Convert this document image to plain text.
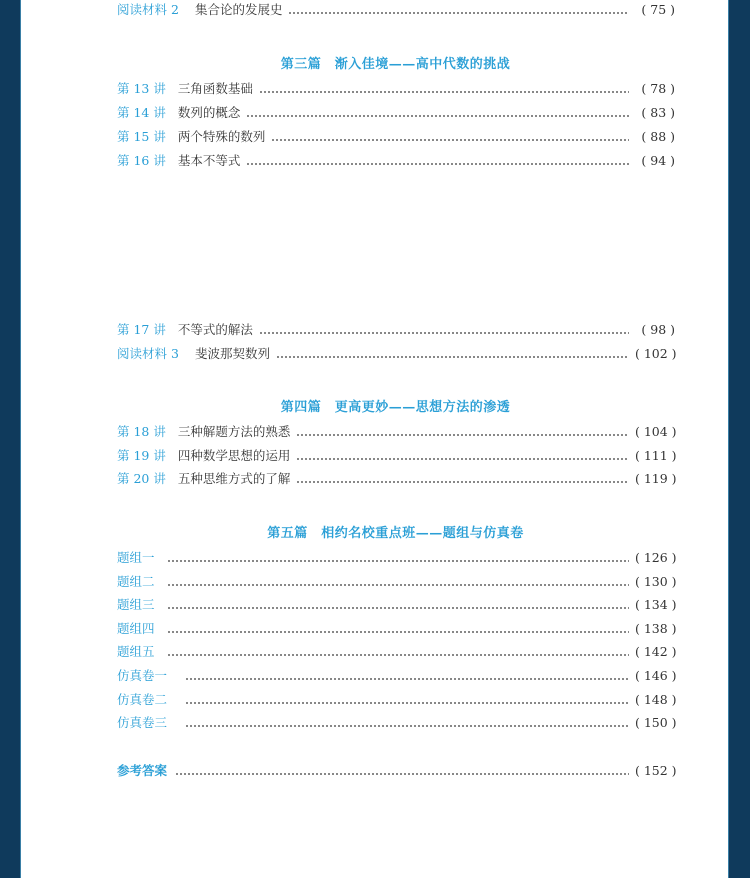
阅读材料 2 集合论的发展史	( 75 )
第三篇　渐入佳境——高中代数的挑战
第 13 讲 三角函数基础	( 78 )
第 14 讲 数列的概念	( 83 )
第 15 讲 两个特殊的数列	( 88 )
第 16 讲 基本不等式	( 94 )
第 17 讲 不等式的解法	( 98 )
阅读材料 3 斐波那契数列	( 102 )
第四篇　更高更妙——思想方法的渗透
第 18 讲 三种解题方法的熟悉	( 104 )
第 19 讲 四种数学思想的运用	( 111 )
第 20 讲 五种思维方式的了解	( 119 )
第五篇　相约名校重点班——题组与仿真卷
题组一	( 126 )
题组二	( 130 )
题组三	( 134 )
题组四	( 138 )
题组五	( 142 )
仿真卷一	( 146 )
仿真卷二	( 148 )
仿真卷三	( 150 )
参考答案	( 152 )
